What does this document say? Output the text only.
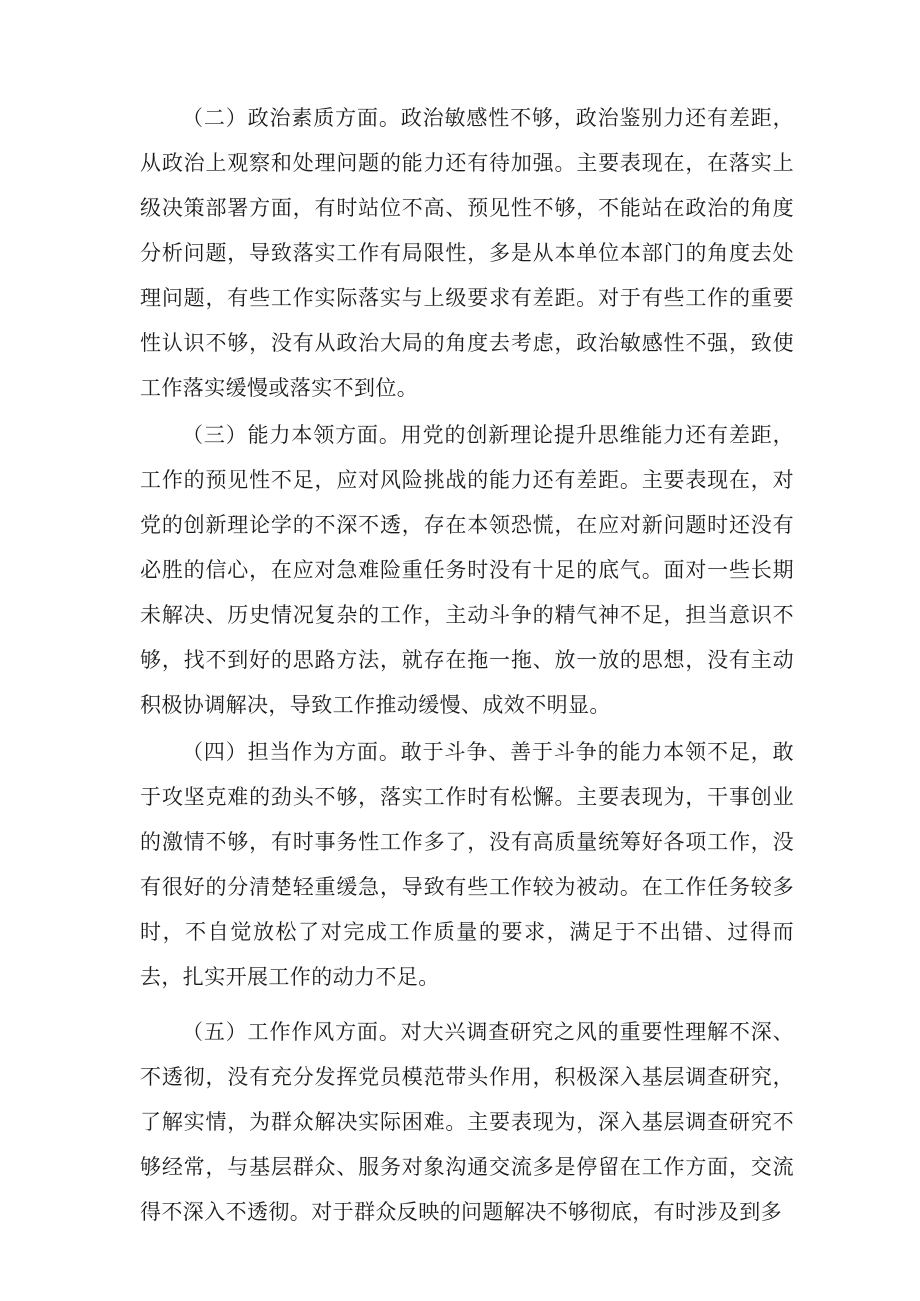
（二）政治素质方面。政治敏感性不够，政治鉴别力还有差距，从政治上观察和处理问题的能力还有待加强。主要表现在，在落实上级决策部署方面，有时站位不高、预见性不够，不能站在政治的角度分析问题，导致落实工作有局限性，多是从本单位本部门的角度去处理问题，有些工作实际落实与上级要求有差距。对于有些工作的重要性认识不够，没有从政治大局的角度去考虑，政治敏感性不强，致使工作落实缓慢或落实不到位。

（三）能力本领方面。用党的创新理论提升思维能力还有差距，工作的预见性不足，应对风险挑战的能力还有差距。主要表现在，对党的创新理论学的不深不透，存在本领恐慌，在应对新问题时还没有必胜的信心，在应对急难险重任务时没有十足的底气。面对一些长期未解决、历史情况复杂的工作，主动斗争的精气神不足，担当意识不够，找不到好的思路方法，就存在拖一拖、放一放的思想，没有主动积极协调解决，导致工作推动缓慢、成效不明显。

（四）担当作为方面。敢于斗争、善于斗争的能力本领不足，敢于攻坚克难的劲头不够，落实工作时有松懈。主要表现为，干事创业的激情不够，有时事务性工作多了，没有高质量统筹好各项工作，没有很好的分清楚轻重缓急，导致有些工作较为被动。在工作任务较多时，不自觉放松了对完成工作质量的要求，满足于不出错、过得而去，扎实开展工作的动力不足。

（五）工作作风方面。对大兴调查研究之风的重要性理解不深、不透彻，没有充分发挥党员模范带头作用，积极深入基层调查研究，了解实情，为群众解决实际困难。主要表现为，深入基层调查研究不够经常，与基层群众、服务对象沟通交流多是停留在工作方面，交流得不深入不透彻。对于群众反映的问题解决不够彻底，有时涉及到多
